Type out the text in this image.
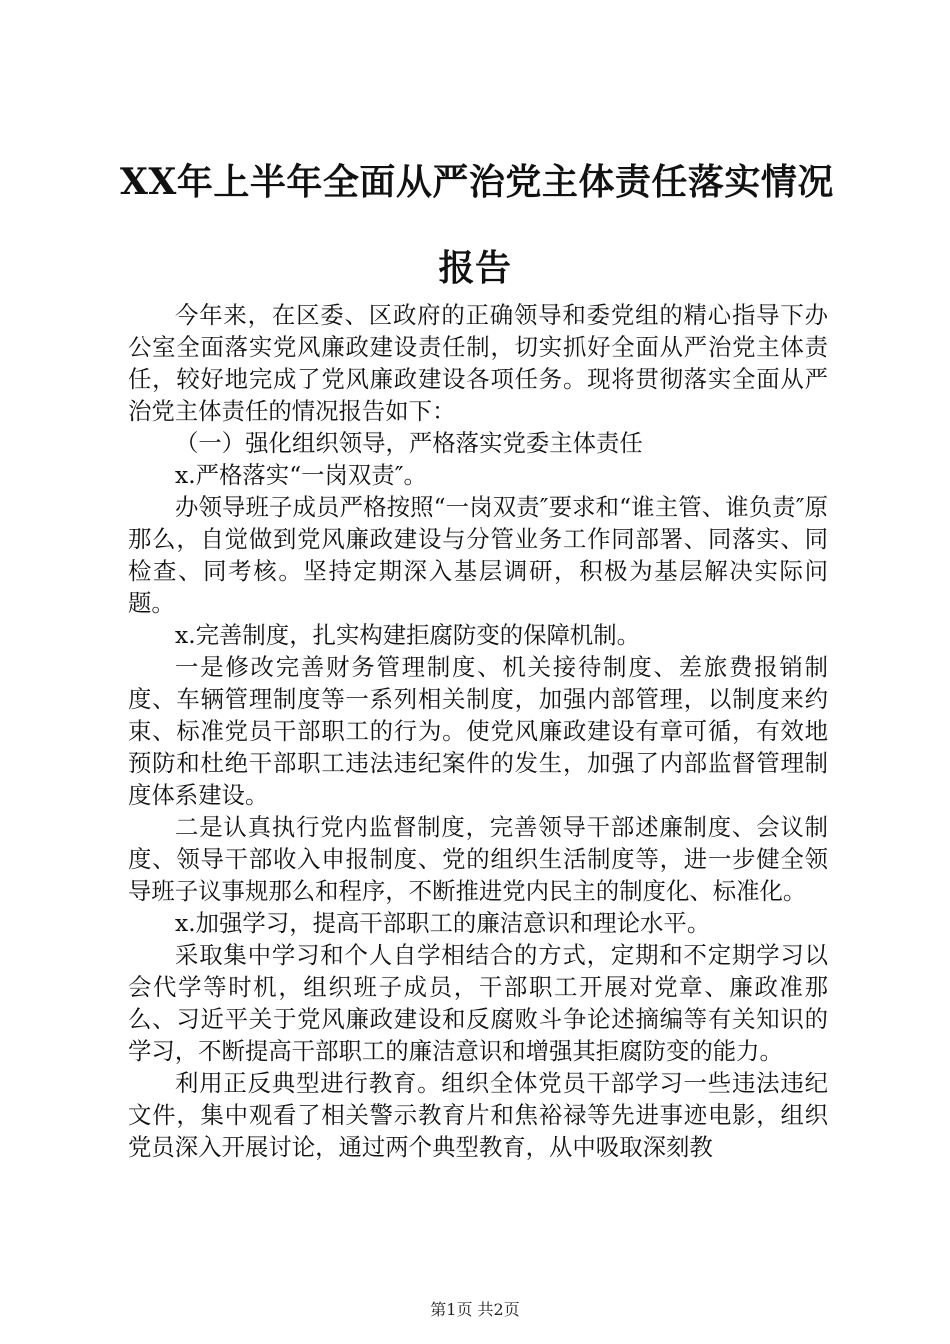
XX年上半年全面从严治党主体责任落实情况
报告

今年来，在区委、区政府的正确领导和委党组的精心指导下办公室全面落实党风廉政建设责任制，切实抓好全面从严治党主体责任，较好地完成了党风廉政建设各项任务。现将贯彻落实全面从严治党主体责任的情况报告如下：

（一）强化组织领导，严格落实党委主体责任

x.严格落实“一岗双责″。

办领导班子成员严格按照“一岗双责″要求和“谁主管、谁负责″原那么，自觉做到党风廉政建设与分管业务工作同部署、同落实、同检查、同考核。坚持定期深入基层调研，积极为基层解决实际问题。

x.完善制度，扎实构建拒腐防变的保障机制。

一是修改完善财务管理制度、机关接待制度、差旅费报销制度、车辆管理制度等一系列相关制度，加强内部管理，以制度来约束、标准党员干部职工的行为。使党风廉政建设有章可循，有效地预防和杜绝干部职工违法违纪案件的发生，加强了内部监督管理制度体系建设。

二是认真执行党内监督制度，完善领导干部述廉制度、会议制度、领导干部收入申报制度、党的组织生活制度等，进一步健全领导班子议事规那么和程序，不断推进党内民主的制度化、标准化。

x.加强学习，提高干部职工的廉洁意识和理论水平。

采取集中学习和个人自学相结合的方式，定期和不定期学习以会代学等时机，组织班子成员，干部职工开展对党章、廉政准那么、习近平关于党风廉政建设和反腐败斗争论述摘编等有关知识的学习，不断提高干部职工的廉洁意识和增强其拒腐防变的能力。

利用正反典型进行教育。组织全体党员干部学习一些违法违纪文件，集中观看了相关警示教育片和焦裕禄等先进事迹电影，组织党员深入开展讨论，通过两个典型教育，从中吸取深刻教

第1页 共2页
